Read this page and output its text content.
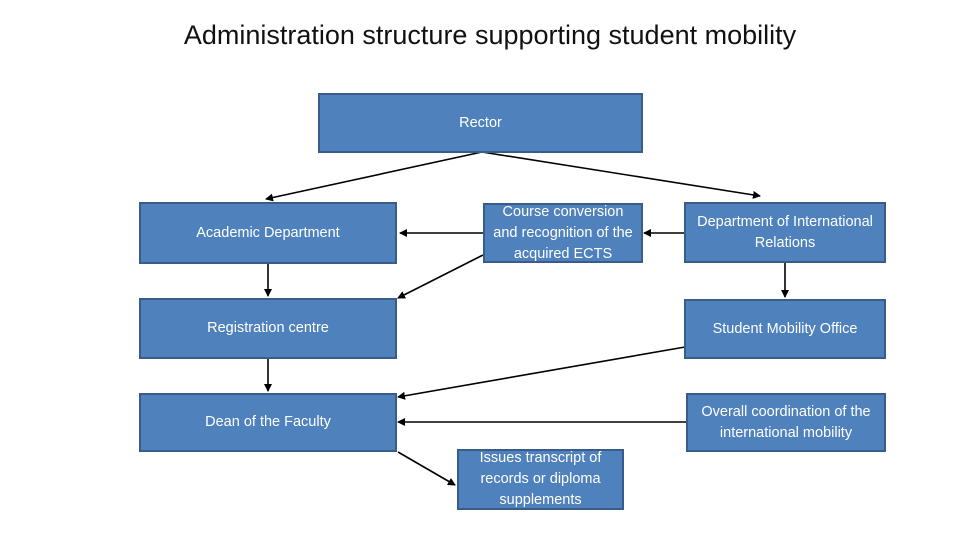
Administration structure supporting student mobility
Rector
Academic Department
Course conversion and recognition of the acquired ECTS
Department of International Relations
Registration centre	Student Mobility Office
Dean of the Faculty
Overall coordination of the international mobility
Issues transcript of records or diploma supplements
